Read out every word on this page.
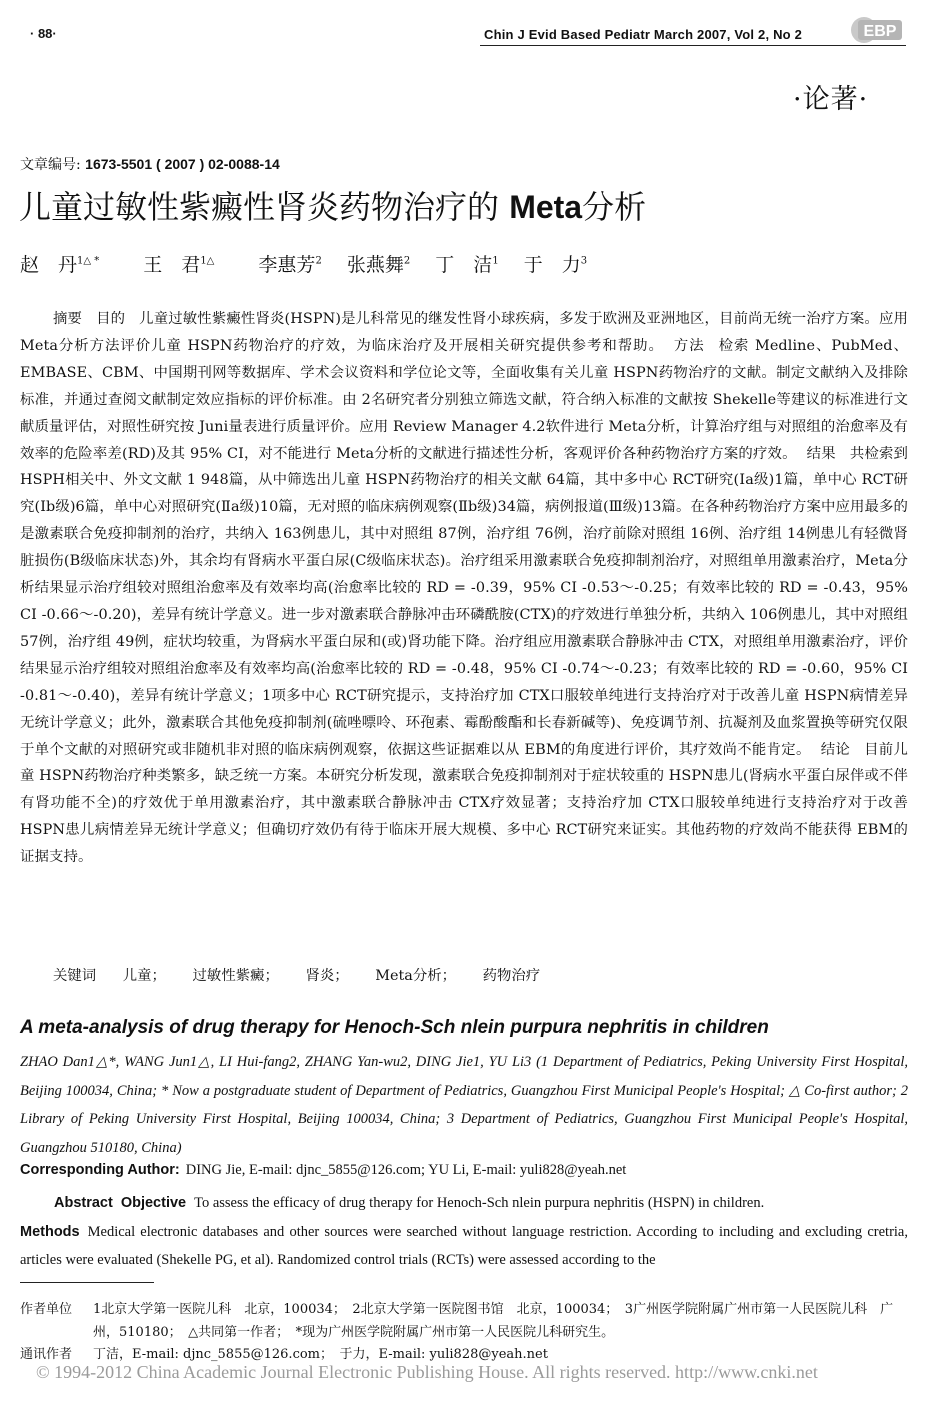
· 88·	Chin J Evid Based Pediatr March 2007, Vol 2, No 2	EBP
·论著·
文章编号: 1673-5501 ( 2007 ) 02-0088-14
儿童过敏性紫癜性肾炎药物治疗的 Meta分析
赵　丹$^{1\triangle *}$　　 王　君$^{1\triangle}$　　 李惠芳$^2$　 张燕舞$^2$　 丁　洁$^1$　 于　力$^3$
摘要 目的 儿童过敏性紫癜性肾炎(HSPN)是儿科常见的继发性肾小球疾病，多发于欧洲及亚洲地区，目前尚无统一治疗方案。应用 Meta分析方法评价儿童 HSPN药物治疗的疗效，为临床治疗及开展相关研究提供参考和帮助。 方法 检索 Medline、PubMed、EMBASE、CBM、中国期刊网等数据库、学术会议资料和学位论文等，全面收集有关儿童 HSPN药物治疗的文献。制定文献纳入及排除标准，并通过查阅文献制定效应指标的评价标准。由 2名研究者分别独立筛选文献，符合纳入标准的文献按 Shekelle等建议的标准进行文献质量评估，对照性研究按 Juni量表进行质量评价。应用 Review Manager 4.2软件进行 Meta分析，计算治疗组与对照组的治愈率及有效率的危险率差(RD)及其 95% CI，对不能进行 Meta分析的文献进行描述性分析，客观评价各种药物治疗方案的疗效。 结果 共检索到 HSPH相关中、外文文献 1 948篇，从中筛选出儿童 HSPN药物治疗的相关文献 64篇，其中多中心 RCT研究(Ⅰa级)1篇，单中心 RCT研究(Ⅰb级)6篇，单中心对照研究(Ⅱa级)10篇，无对照的临床病例观察(Ⅱb级)34篇，病例报道(Ⅲ级)13篇。在各种药物治疗方案中应用最多的是激素联合免疫抑制剂的治疗，共纳入 163例患儿，其中对照组 87例，治疗组 76例，治疗前除对照组 16例、治疗组 14例患儿有轻微肾脏损伤(B级临床状态)外，其余均有肾病水平蛋白尿(C级临床状态)。治疗组采用激素联合免疫抑制剂治疗，对照组单用激素治疗，Meta分析结果显示治疗组较对照组治愈率及有效率均高(治愈率比较的 RD = -0.39，95% CI -0.53～-0.25；有效率比较的 RD = -0.43，95% CI -0.66～-0.20)，差异有统计学意义。进一步对激素联合静脉冲击环磷酰胺(CTX)的疗效进行单独分析，共纳入 106例患儿，其中对照组 57例，治疗组 49例，症状均较重，为肾病水平蛋白尿和(或)肾功能下降。治疗组应用激素联合静脉冲击 CTX，对照组单用激素治疗，评价结果显示治疗组较对照组治愈率及有效率均高(治愈率比较的 RD = -0.48，95% CI -0.74～-0.23；有效率比较的 RD = -0.60，95% CI -0.81～-0.40)，差异有统计学意义；1项多中心 RCT研究提示，支持治疗加 CTX口服较单纯进行支持治疗对于改善儿童 HSPN病情差异无统计学意义；此外，激素联合其他免疫抑制剂(硫唑嘌呤、环孢素、霉酚酸酯和长春新碱等)、免疫调节剂、抗凝剂及血浆置换等研究仅限于单个文献的对照研究或非随机非对照的临床病例观察，依据这些证据难以从 EBM的角度进行评价，其疗效尚不能肯定。 结论 目前儿童 HSPN药物治疗种类繁多，缺乏统一方案。本研究分析发现，激素联合免疫抑制剂对于症状较重的 HSPN患儿(肾病水平蛋白尿伴或不伴有肾功能不全)的疗效优于单用激素治疗，其中激素联合静脉冲击 CTX疗效显著；支持治疗加 CTX口服较单纯进行支持治疗对于改善 HSPN患儿病情差异无统计学意义；但确切疗效仍有待于临床开展大规模、多中心 RCT研究来证实。其他药物的疗效尚不能获得 EBM的证据支持。
关键词 儿童； 过敏性紫癜； 肾炎； Meta分析； 药物治疗
A meta-analysis of drug therapy for Henoch-Sch nlein purpura nephritis in children
ZHAO Dan1△*, WANG Jun1△, LI Hui-fang2, ZHANG Yan-wu2, DING Jie1, YU Li3 (1 Department of Pediatrics, Peking University First Hospital, Beijing 100034, China; * Now a postgraduate student of Department of Pediatrics, Guangzhou First Municipal People's Hospital; △ Co-first author; 2 Library of Peking University First Hospital, Beijing 100034, China; 3 Department of Pediatrics, Guangzhou First Municipal People's Hospital, Guangzhou 510180, China)
Corresponding Author: DING Jie, E-mail: djnc_5855@126.com; YU Li, E-mail: yuli828@yeah.net
Abstract Objective To assess the efficacy of drug therapy for Henoch-Sch nlein purpura nephritis (HSPN) in children.
Methods Medical electronic databases and other sources were searched without language restriction. According to including and excluding cretria, articles were evaluated (Shekelle PG, et al). Randomized control trials (RCTs) were assessed according to the
作者单位 1北京大学第一医院儿科　北京，100034；　2北京大学第一医院图书馆　北京，100034；　3广州医学院附属广州市第一人民医院儿科　广州，510180；　△共同第一作者；　*现为广州医学院附属广州市第一人民医院儿科研究生。
通讯作者 丁洁，E-mail: djnc_5855@126.com；　于力，E-mail: yuli828@yeah.net
© 1994-2012 China Academic Journal Electronic Publishing House. All rights reserved. http://www.cnki.net
